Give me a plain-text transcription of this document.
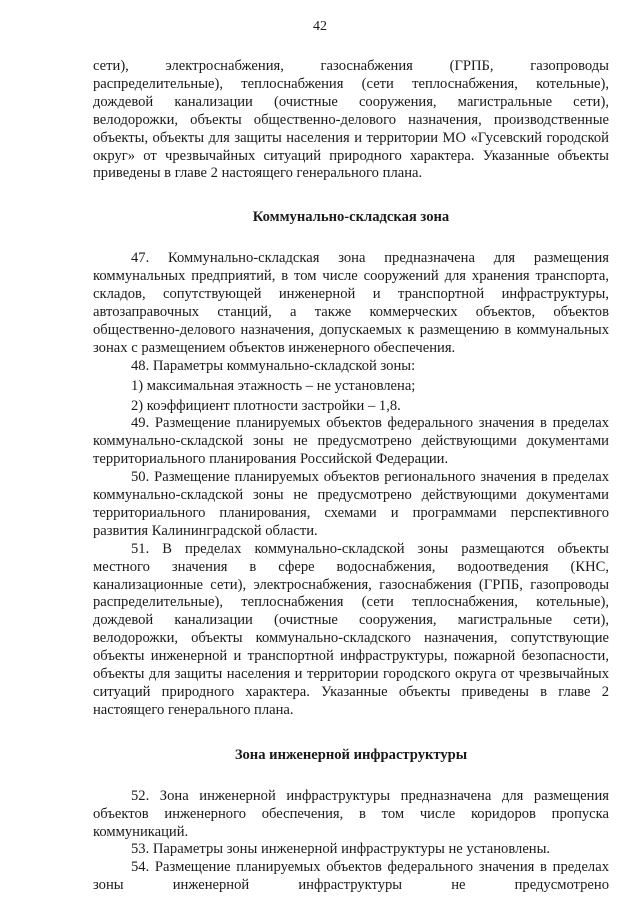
42

сети), электроснабжения, газоснабжения (ГРПБ, газопроводы распределительные), теплоснабжения (сети теплоснабжения, котельные), дождевой канализации (очистные сооружения, магистральные сети), велодорожки, объекты общественно-делового назначения, производственные объекты, объекты для защиты населения и территории МО «Гусевский городской округ» от чрезвычайных ситуаций природного характера. Указанные объекты приведены в главе 2 настоящего генерального плана.

Коммунально-складская зона

47. Коммунально-складская зона предназначена для размещения коммунальных предприятий, в том числе сооружений для хранения транспорта, складов, сопутствующей инженерной и транспортной инфраструктуры, автозаправочных станций, а также коммерческих объектов, объектов общественно-делового назначения, допускаемых к размещению в коммунальных зонах с размещением объектов инженерного обеспечения.

48. Параметры коммунально-складской зоны:

1) максимальная этажность – не установлена;

2) коэффициент плотности застройки – 1,8.

49. Размещение планируемых объектов федерального значения в пределах коммунально-складской зоны не предусмотрено действующими документами территориального планирования Российской Федерации.

50. Размещение планируемых объектов регионального значения в пределах коммунально-складской зоны не предусмотрено действующими документами территориального планирования, схемами и программами перспективного развития Калининградской области.

51. В пределах коммунально-складской зоны размещаются объекты местного значения в сфере водоснабжения, водоотведения (КНС, канализационные сети), электроснабжения, газоснабжения (ГРПБ, газопроводы распределительные), теплоснабжения (сети теплоснабжения, котельные), дождевой канализации (очистные сооружения, магистральные сети), велодорожки, объекты коммунально-складского назначения, сопутствующие объекты инженерной и транспортной инфраструктуры, пожарной безопасности, объекты для защиты населения и территории городского округа от чрезвычайных ситуаций природного характера. Указанные объекты приведены в главе 2 настоящего генерального плана.

Зона инженерной инфраструктуры

52. Зона инженерной инфраструктуры предназначена для размещения объектов инженерного обеспечения, в том числе коридоров пропуска коммуникаций.

53. Параметры зоны инженерной инфраструктуры не установлены.

54. Размещение планируемых объектов федерального значения в пределах зоны инженерной инфраструктуры не предусмотрено
